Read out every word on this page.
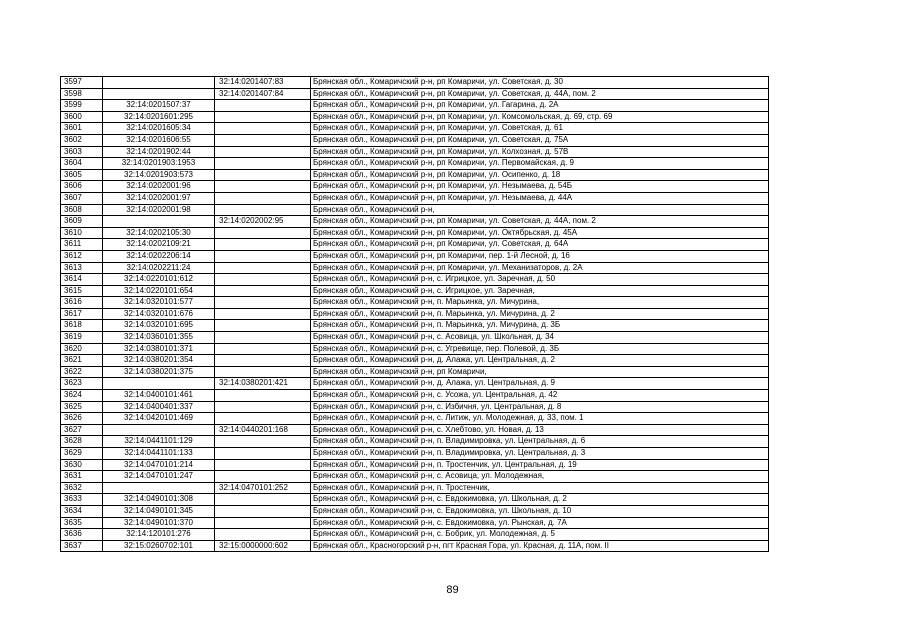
3597		32:14:0201407:83	Брянская обл., Комаричский р-н, рп Комаричи, ул. Советская, д. 30
3598		32:14:0201407:84	Брянская обл., Комаричский р-н, рп Комаричи, ул. Советская, д. 44А, пом. 2
3599	32:14:0201507:37		Брянская обл., Комаричский р-н, рп Комаричи, ул. Гагарина, д. 2А
3600	32:14:0201601:295		Брянская обл., Комаричский р-н, рп Комаричи, ул. Комсомольская, д. 69, стр. 69
3601	32:14:0201605:34		Брянская обл., Комаричский р-н, рп Комаричи, ул. Советская, д. 61
3602	32:14:0201606:55		Брянская обл., Комаричский р-н, рп Комаричи, ул. Советская, д. 75А
3603	32:14:0201902:44		Брянская обл., Комаричский р-н, рп Комаричи, ул. Колхозная, д. 57В
3604	32:14:0201903:1953		Брянская обл., Комаричский р-н, рп Комаричи, ул. Первомайская, д. 9
3605	32:14:0201903:573		Брянская обл., Комаричский р-н, рп Комаричи, ул. Осипенко, д. 18
3606	32:14:0202001:96		Брянская обл., Комаричский р-н, рп Комаричи, ул. Незымаева, д. 54Б
3607	32:14:0202001:97		Брянская обл., Комаричский р-н, рп Комаричи, ул. Незымаева, д. 44А
3608	32:14:0202001:98		Брянская обл., Комаричский р-н,
3609		32:14:0202002:95	Брянская обл., Комаричский р-н, рп Комаричи, ул. Советская, д. 44А, пом. 2
3610	32:14:0202105:30		Брянская обл., Комаричский р-н, рп Комаричи, ул. Октябрьская, д. 45А
3611	32:14:0202109:21		Брянская обл., Комаричский р-н, рп Комаричи, ул. Советская, д. 64А
3612	32:14:0202206:14		Брянская обл., Комаричский р-н, рп Комаричи, пер. 1-й Лесной, д. 16
3613	32:14:0202211:24		Брянская обл., Комаричский р-н, рп Комаричи, ул. Механизаторов, д. 2А
3614	32:14:0220101:612		Брянская обл., Комаричский р-н, с. Игрицкое, ул. Заречная, д. 50
3615	32:14:0220101:654		Брянская обл., Комаричский р-н, с. Игрицкое, ул. Заречная,
3616	32:14:0320101:577		Брянская обл., Комаричский р-н, п. Марьинка, ул. Мичурина,
3617	32:14:0320101:676		Брянская обл., Комаричский р-н, п. Марьинка, ул. Мичурина, д. 2
3618	32:14:0320101:695		Брянская обл., Комаричский р-н, п. Марьинка, ул. Мичурина, д. 3Б
3619	32:14:0360101:355		Брянская обл., Комаричский р-н, с. Асовица, ул. Школьная, д. 34
3620	32:14:0380101:371		Брянская обл., Комаричский р-н, с. Угревище, пер. Полевой, д. 3Б
3621	32:14:0380201:354		Брянская обл., Комаричский р-н, д. Алажа, ул. Центральная, д. 2
3622	32:14:0380201:375		Брянская обл., Комаричский р-н, рп Комаричи,
3623		32:14:0380201:421	Брянская обл., Комаричский р-н, д. Алажа, ул. Центральная, д. 9
3624	32:14:0400101:461		Брянская обл., Комаричский р-н, с. Усожа, ул. Центральная, д. 42
3625	32:14:0400401:337		Брянская обл., Комаричский р-н, с. Избичня, ул. Центральная, д. 8
3626	32:14:0420101:469		Брянская обл., Комаричский р-н, с. Литиж, ул. Молодежная, д. 33, пом. 1
3627		32:14:0440201:168	Брянская обл., Комаричский р-н, с. Хлебтово, ул. Новая, д. 13
3628	32:14:0441101:129		Брянская обл., Комаричский р-н, п. Владимировка, ул. Центральная, д. 6
3629	32:14:0441101:133		Брянская обл., Комаричский р-н, п. Владимировка, ул. Центральная, д. 3
3630	32:14:0470101:214		Брянская обл., Комаричский р-н, п. Тростенчик, ул. Центральная, д. 19
3631	32:14:0470101:247		Брянская обл., Комаричский р-н, с. Асовица, ул. Молодежная,
3632		32:14:0470101:252	Брянская обл., Комаричский р-н, п. Тростенчик,
3633	32:14:0490101:308		Брянская обл., Комаричский р-н, с. Евдокимовка, ул. Школьная, д. 2
3634	32:14:0490101:345		Брянская обл., Комаричский р-н, с. Евдокимовка, ул. Школьная, д. 10
3635	32:14:0490101:370		Брянская обл., Комаричский р-н, с. Евдокимовка, ул. Рынская, д. 7А
3636	32:14:120101:276		Брянская обл., Комаричский р-н, с. Бобрик, ул. Молодежная, д. 5
3637	32:15:0260702:101	32:15:0000000:602	Брянская обл., Красногорский р-н, пгт Красная Гора, ул. Красная, д. 11А, пом. II
89
